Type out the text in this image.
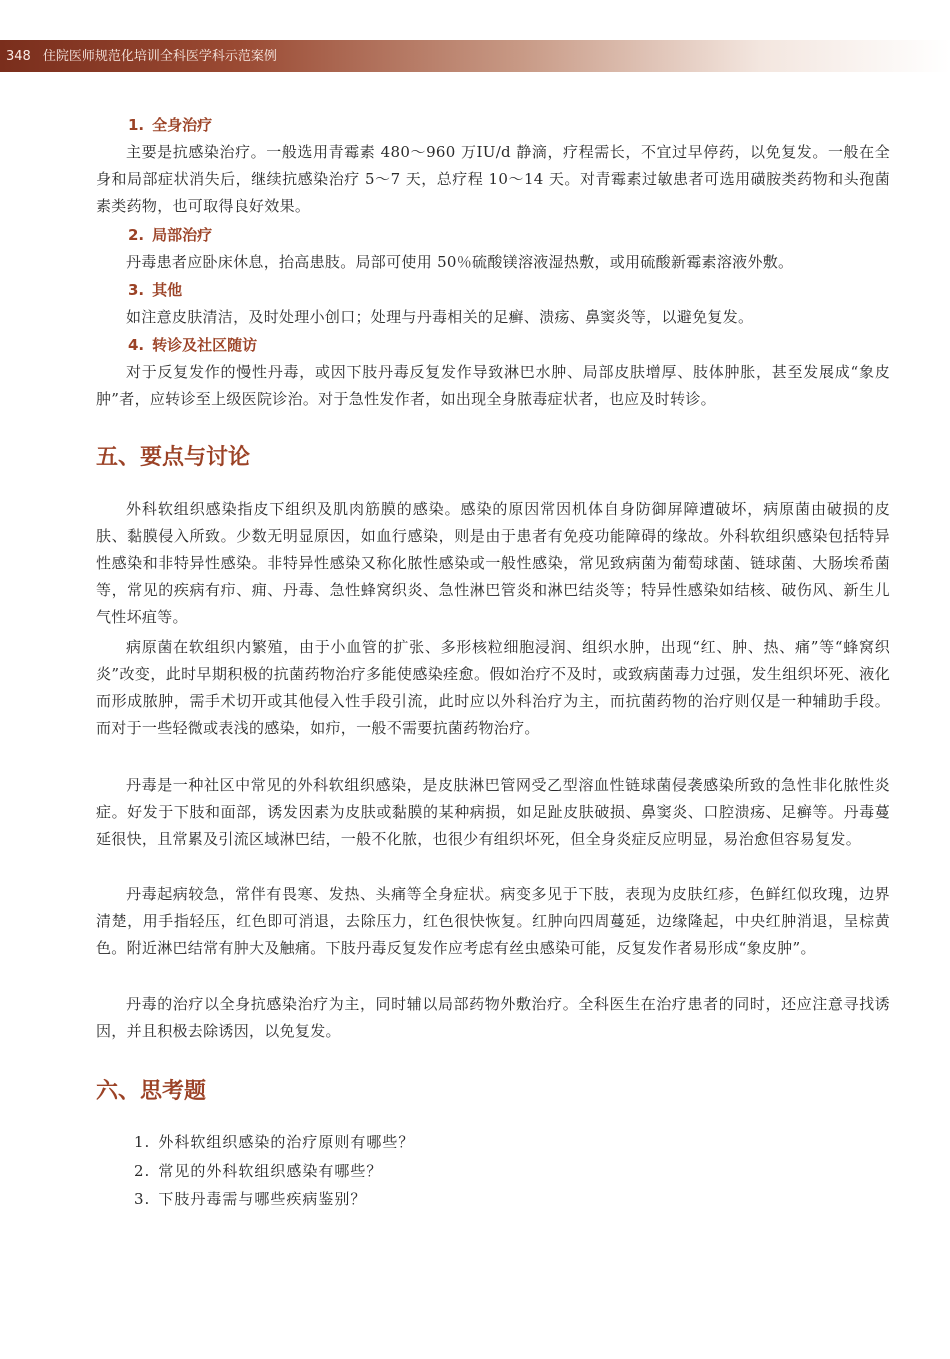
348 住院医师规范化培训全科医学科示范案例
1. 全身治疗

主要是抗感染治疗。一般选用青霉素 480～960 万IU/d 静滴，疗程需长，不宜过早停药，以免复发。一般在全身和局部症状消失后，继续抗感染治疗 5～7 天，总疗程 10～14 天。对青霉素过敏患者可选用磺胺类药物和头孢菌素类药物，也可取得良好效果。

2. 局部治疗

丹毒患者应卧床休息，抬高患肢。局部可使用 50％硫酸镁溶液湿热敷，或用硫酸新霉素溶液外敷。

3. 其他

如注意皮肤清洁，及时处理小创口；处理与丹毒相关的足癣、溃疡、鼻窦炎等，以避免复发。

4. 转诊及社区随访

对于反复发作的慢性丹毒，或因下肢丹毒反复发作导致淋巴水肿、局部皮肤增厚、肢体肿胀，甚至发展成“象皮肿”者，应转诊至上级医院诊治。对于急性发作者，如出现全身脓毒症状者，也应及时转诊。

五、要点与讨论

外科软组织感染指皮下组织及肌肉筋膜的感染。感染的原因常因机体自身防御屏障遭破坏，病原菌由破损的皮肤、黏膜侵入所致。少数无明显原因，如血行感染，则是由于患者有免疫功能障碍的缘故。外科软组织感染包括特异性感染和非特异性感染。非特异性感染又称化脓性感染或一般性感染，常见致病菌为葡萄球菌、链球菌、大肠埃希菌等，常见的疾病有疖、痈、丹毒、急性蜂窝织炎、急性淋巴管炎和淋巴结炎等；特异性感染如结核、破伤风、新生儿气性坏疽等。

病原菌在软组织内繁殖，由于小血管的扩张、多形核粒细胞浸润、组织水肿，出现“红、肿、热、痛”等“蜂窝织炎”改变，此时早期积极的抗菌药物治疗多能使感染痊愈。假如治疗不及时，或致病菌毒力过强，发生组织坏死、液化而形成脓肿，需手术切开或其他侵入性手段引流，此时应以外科治疗为主，而抗菌药物的治疗则仅是一种辅助手段。而对于一些轻微或表浅的感染，如疖，一般不需要抗菌药物治疗。

丹毒是一种社区中常见的外科软组织感染，是皮肤淋巴管网受乙型溶血性链球菌侵袭感染所致的急性非化脓性炎症。好发于下肢和面部，诱发因素为皮肤或黏膜的某种病损，如足趾皮肤破损、鼻窦炎、口腔溃疡、足癣等。丹毒蔓延很快，且常累及引流区域淋巴结，一般不化脓，也很少有组织坏死，但全身炎症反应明显，易治愈但容易复发。

丹毒起病较急，常伴有畏寒、发热、头痛等全身症状。病变多见于下肢，表现为皮肤红疹，色鲜红似玫瑰，边界清楚，用手指轻压，红色即可消退，去除压力，红色很快恢复。红肿向四周蔓延，边缘隆起，中央红肿消退，呈棕黄色。附近淋巴结常有肿大及触痛。下肢丹毒反复发作应考虑有丝虫感染可能，反复发作者易形成“象皮肿”。

丹毒的治疗以全身抗感染治疗为主，同时辅以局部药物外敷治疗。全科医生在治疗患者的同时，还应注意寻找诱因，并且积极去除诱因，以免复发。

六、思考题
1. 外科软组织感染的治疗原则有哪些？
2. 常见的外科软组织感染有哪些？
3. 下肢丹毒需与哪些疾病鉴别？
